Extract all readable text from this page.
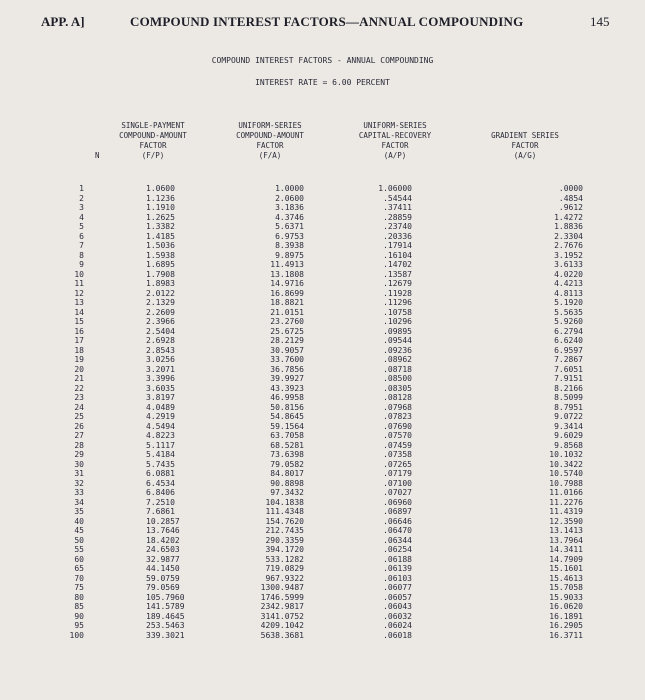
APP. A]	COMPOUND INTEREST FACTORS—ANNUAL COMPOUNDING	145
COMPOUND INTEREST FACTORS - ANNUAL COMPOUNDING
INTEREST RATE = 6.00 PERCENT
SINGLE-PAYMENT
COMPOUND-AMOUNT
FACTOR
(F/P)
UNIFORM-SERIES
COMPOUND-AMOUNT
FACTOR
(F/A)
UNIFORM-SERIES
CAPITAL-RECOVERY
FACTOR
(A/P)
GRADIENT SERIES
FACTOR
(A/G)
N
1
2
3
4
5
6
7
8
9
10
11
12
13
14
15
16
17
18
19
20
21
22
23
24
25
26
27
28
29
30
31
32
33
34
35
40
45
50
55
60
65
70
75
80
85
90
95
100
1.0600
1.1236
1.1910
1.2625
1.3382
1.4185
1.5036
1.5938
1.6895
1.7908
1.8983
2.0122
2.1329
2.2609
2.3966
2.5404
2.6928
2.8543
3.0256
3.2071
3.3996
3.6035
3.8197
4.0489
4.2919
4.5494
4.8223
5.1117
5.4184
5.7435
6.0881
6.4534
6.8406
7.2510
7.6861
10.2857
13.7646
18.4202
24.6503
32.9877
44.1450
59.0759
79.0569
105.7960
141.5789
189.4645
253.5463
339.3021
1.0000
2.0600
3.1836
4.3746
5.6371
6.9753
8.3938
9.8975
11.4913
13.1808
14.9716
16.8699
18.8821
21.0151
23.2760
25.6725
28.2129
30.9057
33.7600
36.7856
39.9927
43.3923
46.9958
50.8156
54.8645
59.1564
63.7058
68.5281
73.6398
79.0582
84.8017
90.8898
97.3432
104.1838
111.4348
154.7620
212.7435
290.3359
394.1720
533.1282
719.0829
967.9322
1300.9487
1746.5999
2342.9817
3141.0752
4209.1042
5638.3681
1.06000
.54544
.37411
.28859
.23740
.20336
.17914
.16104
.14702
.13587
.12679
.11928
.11296
.10758
.10296
.09895
.09544
.09236
.08962
.08718
.08500
.08305
.08128
.07968
.07823
.07690
.07570
.07459
.07358
.07265
.07179
.07100
.07027
.06960
.06897
.06646
.06470
.06344
.06254
.06188
.06139
.06103
.06077
.06057
.06043
.06032
.06024
.06018
.0000
.4854
.9612
1.4272
1.8836
2.3304
2.7676
3.1952
3.6133
4.0220
4.4213
4.8113
5.1920
5.5635
5.9260
6.2794
6.6240
6.9597
7.2867
7.6051
7.9151
8.2166
8.5099
8.7951
9.0722
9.3414
9.6029
9.8568
10.1032
10.3422
10.5740
10.7988
11.0166
11.2276
11.4319
12.3590
13.1413
13.7964
14.3411
14.7909
15.1601
15.4613
15.7058
15.9033
16.0620
16.1891
16.2905
16.3711
